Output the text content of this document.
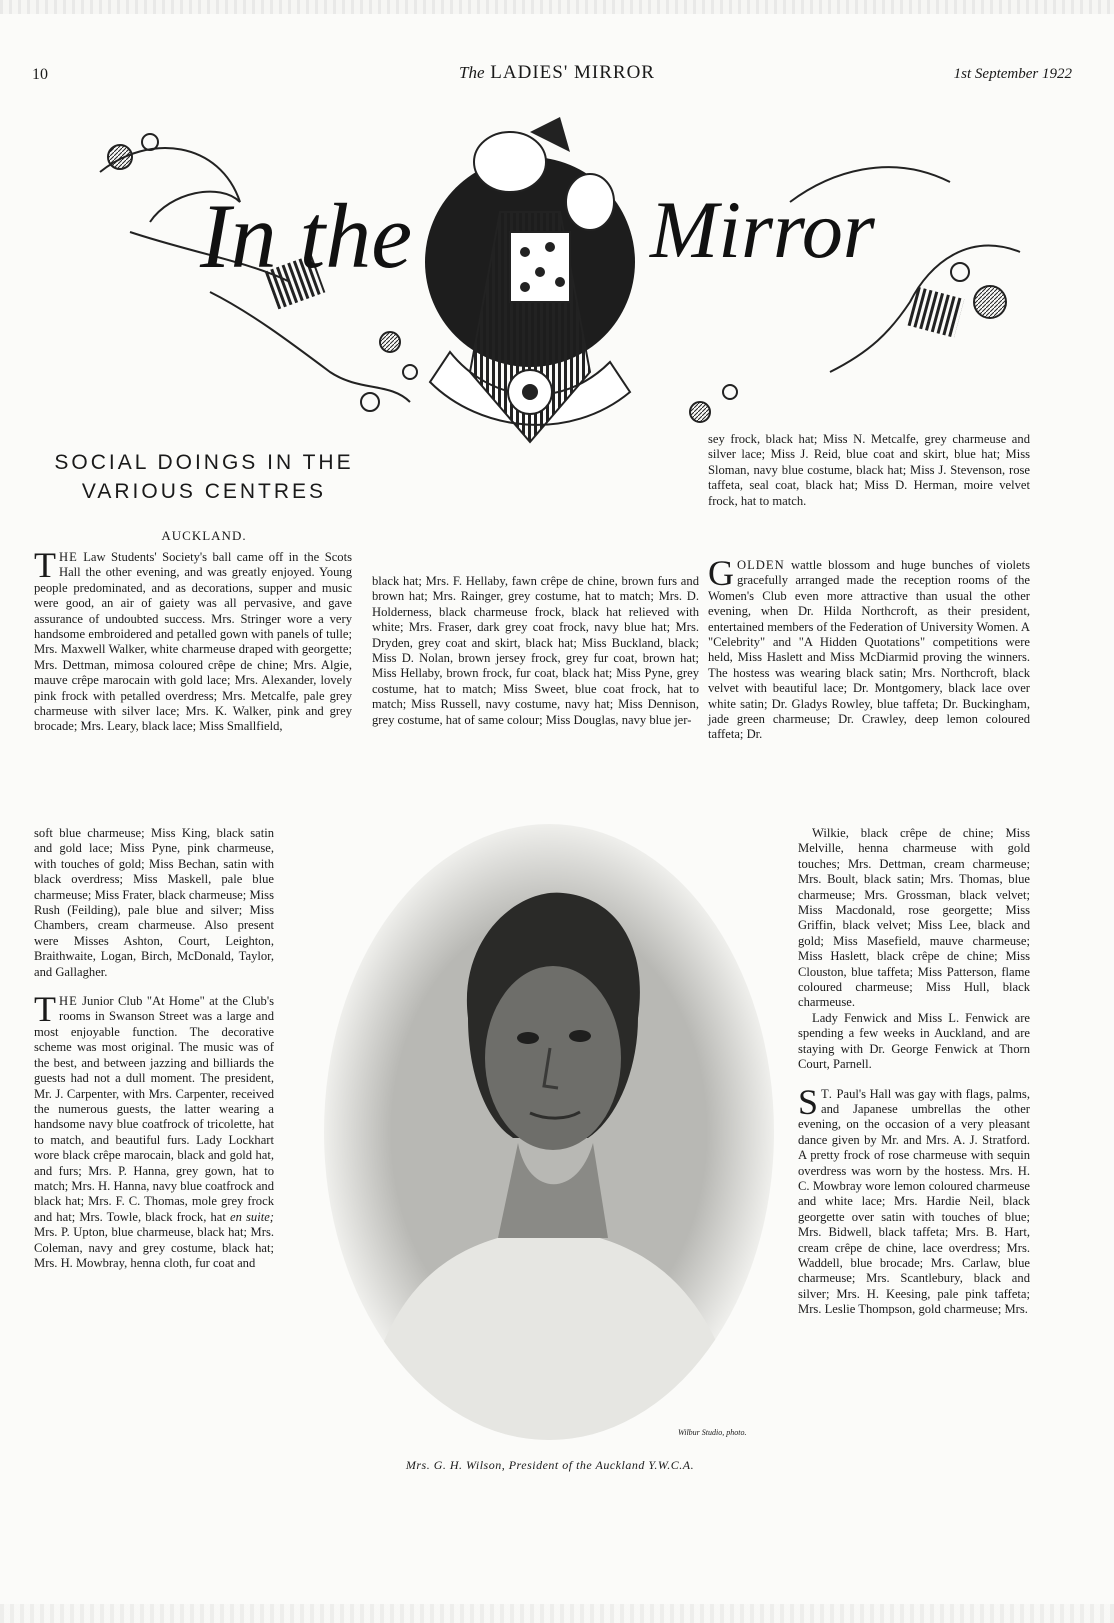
10	The LADIES' MIRROR	1st September 1922
In the	Mirror
SOCIAL DOINGS IN THE VARIOUS CENTRES
AUCKLAND.

THE Law Students' Society's ball came off in the Scots Hall the other evening, and was greatly enjoyed. Young people predominated, and as decorations, supper and music were good, an air of gaiety was all pervasive, and gave assurance of undoubted success. Mrs. Stringer wore a very handsome embroidered and petalled gown with panels of tulle; Mrs. Maxwell Walker, white charmeuse draped with georgette; Mrs. Dettman, mimosa coloured crêpe de chine; Mrs. Algie, mauve crêpe marocain with gold lace; Mrs. Alexander, lovely pink frock with petalled overdress; Mrs. Metcalfe, pale grey charmeuse with silver lace; Mrs. K. Walker, pink and grey brocade; Mrs. Leary, black lace; Miss Smallfield,

soft blue charmeuse; Miss King, black satin and gold lace; Miss Pyne, pink charmeuse, with touches of gold; Miss Bechan, satin with black overdress; Miss Maskell, pale blue charmeuse; Miss Frater, black charmeuse; Miss Rush (Feilding), pale blue and silver; Miss Chambers, cream charmeuse. Also present were Misses Ashton, Court, Leighton, Braithwaite, Logan, Birch, McDonald, Taylor, and Gallagher.

THE Junior Club "At Home" at the Club's rooms in Swanson Street was a large and most enjoyable function. The decorative scheme was most original. The music was of the best, and between jazzing and billiards the guests had not a dull moment. The president, Mr. J. Carpenter, with Mrs. Carpenter, received the numerous guests, the latter wearing a handsome navy blue coatfrock of tricolette, hat to match, and beautiful furs. Lady Lockhart wore black crêpe marocain, black and gold hat, and furs; Mrs. P. Hanna, grey gown, hat to match; Mrs. H. Hanna, navy blue coatfrock and black hat; Mrs. F. C. Thomas, mole grey frock and hat; Mrs. Towle, black frock, hat en suite; Mrs. P. Upton, blue charmeuse, black hat; Mrs. Coleman, navy and grey costume, black hat; Mrs. H. Mowbray, henna cloth, fur coat and

black hat; Mrs. F. Hellaby, fawn crêpe de chine, brown furs and brown hat; Mrs. Rainger, grey costume, hat to match; Mrs. D. Holderness, black charmeuse frock, black hat relieved with white; Mrs. Fraser, dark grey coat frock, navy blue hat; Mrs. Dryden, grey coat and skirt, black hat; Miss Buckland, black; Miss D. Nolan, brown jersey frock, grey fur coat, brown hat; Miss Hellaby, brown frock, fur coat, black hat; Miss Pyne, grey costume, hat to match; Miss Sweet, blue coat frock, hat to match; Miss Russell, navy costume, navy hat; Miss Dennison, grey costume, hat of same colour; Miss Douglas, navy blue jer-

sey frock, black hat; Miss N. Metcalfe, grey charmeuse and silver lace; Miss J. Reid, blue coat and skirt, blue hat; Miss Sloman, navy blue costume, black hat; Miss J. Stevenson, rose taffeta, seal coat, black hat; Miss D. Herman, moire velvet frock, hat to match.

GOLDEN wattle blossom and huge bunches of violets gracefully arranged made the reception rooms of the Women's Club even more attractive than usual the other evening, when Dr. Hilda Northcroft, as their president, entertained members of the Federation of University Women. A "Celebrity" and "A Hidden Quotations" competitions were held, Miss Haslett and Miss McDiarmid proving the winners. The hostess was wearing black satin; Mrs. Northcroft, black velvet with beautiful lace; Dr. Montgomery, black lace over white satin; Dr. Gladys Rowley, blue taffeta; Dr. Buckingham, jade green charmeuse; Dr. Crawley, deep lemon coloured taffeta; Dr.

Wilkie, black crêpe de chine; Miss Melville, henna charmeuse with gold touches; Mrs. Dettman, cream charmeuse; Mrs. Boult, black satin; Mrs. Thomas, blue charmeuse; Mrs. Grossman, black velvet; Miss Macdonald, rose georgette; Miss Griffin, black velvet; Miss Lee, black and gold; Miss Masefield, mauve charmeuse; Miss Haslett, black crêpe de chine; Miss Clouston, blue taffeta; Miss Patterson, flame coloured charmeuse; Miss Hull, black charmeuse.

Lady Fenwick and Miss L. Fenwick are spending a few weeks in Auckland, and are staying with Dr. George Fenwick at Thorn Court, Parnell.

S T. Paul's Hall was gay with flags, palms, and Japanese umbrellas the other evening, on the occasion of a very pleasant dance given by Mr. and Mrs. A. J. Stratford. A pretty frock of rose charmeuse with sequin overdress was worn by the hostess. Mrs. H. C. Mowbray wore lemon coloured charmeuse and white lace; Mrs. Hardie Neil, black georgette over satin with touches of blue; Mrs. Bidwell, black taffeta; Mrs. B. Hart, cream crêpe de chine, lace overdress; Mrs. Waddell, blue brocade; Mrs. Carlaw, blue charmeuse; Mrs. Scantlebury, black and silver; Mrs. H. Keesing, pale pink taffeta; Mrs. Leslie Thompson, gold charmeuse; Mrs.

Wilbur Studio, photo.
Mrs. G. H. Wilson, President of the Auckland Y.W.C.A.
